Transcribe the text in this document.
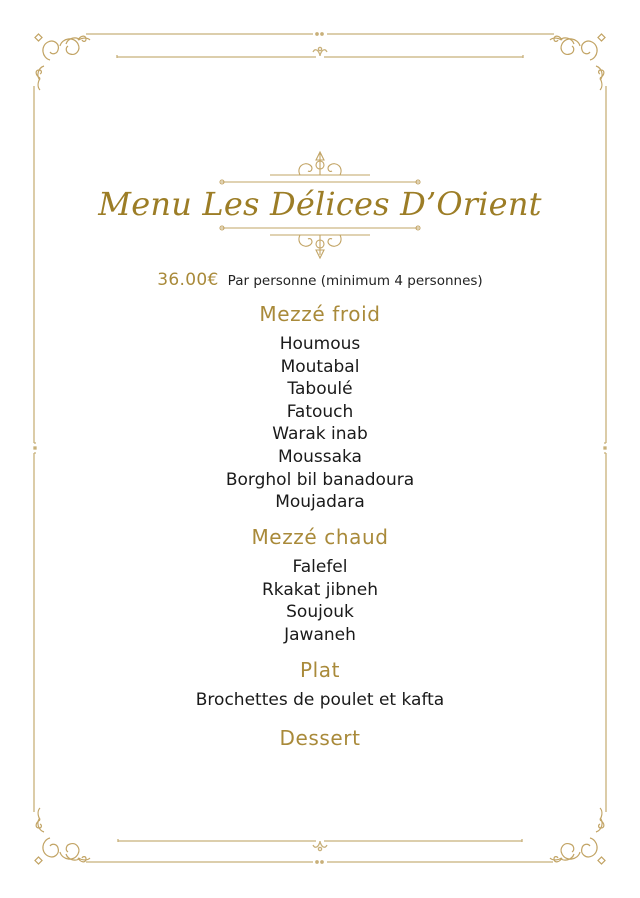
Menu Les Délices D’Orient
36.00€ Par personne (minimum 4 personnes)
Mezzé froid
Houmous
Moutabal
Taboulé
Fatouch
Warak inab
Moussaka
Borghol bil banadoura
Moujadara
Mezzé chaud
Falefel
Rkakat jibneh
Soujouk
Jawaneh
Plat
Brochettes de poulet et kafta
Dessert
